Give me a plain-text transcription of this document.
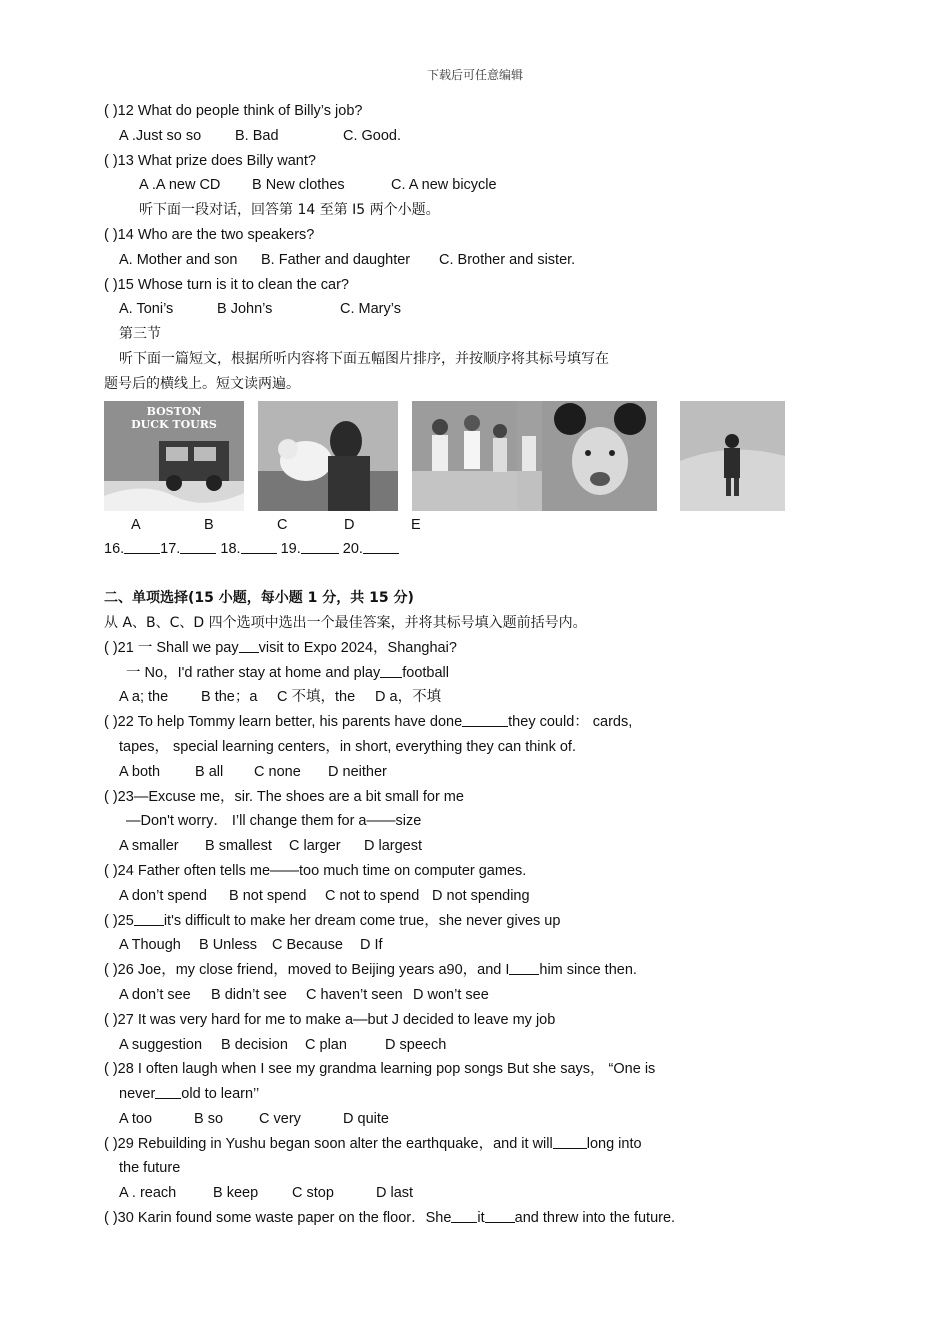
下载后可任意编辑
( )12 What do people think of Billy’s job?
A .Just so so B. Bad	C. Good.
( )13 What prize does Billy want?
A .A new CD B New clothes	C. A new bicycle
听下面一段对话，回答第 14 至第 I5 两个小题。
( )14 Who are the two speakers?
A. Mother and son B. Father and daughter C. Brother and sister.
( )15 Whose turn is it to clean the car?
A. Toni’s	B John’s	C. Mary’s
第三节
听下面一篇短文，根据所听内容将下面五幅图片排序，并按顺序将其标号填写在
题号后的横线上。短文读两遍。
BOSTON
DUCK TOURS
A	B	C	D	E
16. 17.	18.	19.	20.
二、单项选择(15 小题，每小题 1 分，共 15 分)
从 A、B、C、D 四个选项中选出一个最佳答案，并将其标号填入题前括号内。
( )21 一 Shall we pay visit to Expo 2024，Shanghai?
一 No，I'd rather stay at home and play football
A a; the B the；a C 不填，the D a，不填
( )22 To help Tommy learn better, his parents have done	they could： cards,
tapes， special learning centers，in short, everything they can think of.
A both B all C none D neither
( )23—Excuse me，sir. The shoes are a bit small for me
—Don't worry． I’ll change them for a——size
A smaller B smallest C larger D largest
( )24 Father often tells me——too much time on computer games.
A don’t spend B not spend C not to spend D not spending
( )25 it's difficult to make her dream come true，she never gives up
A Though B Unless C Because D If
( )26 Joe，my close friend，moved to Beijing years a90，and I him since then.
A don’t see B didn’t see C haven’t seen D won’t see
( )27 It was very hard for me to make a—but J decided to leave my job
A suggestion B decision C plan	D speech
( )28 I often laugh when I see my grandma learning pop songs But she says， “One is
never old to learn’’
A too	B so C very	D quite
( )29 Rebuilding in Yushu began soon alter the earthquake，and it will long into
the future
A . reach	B keep C stop	D last
( )30 Karin found some waste paper on the floor．She it and threw into the future.
